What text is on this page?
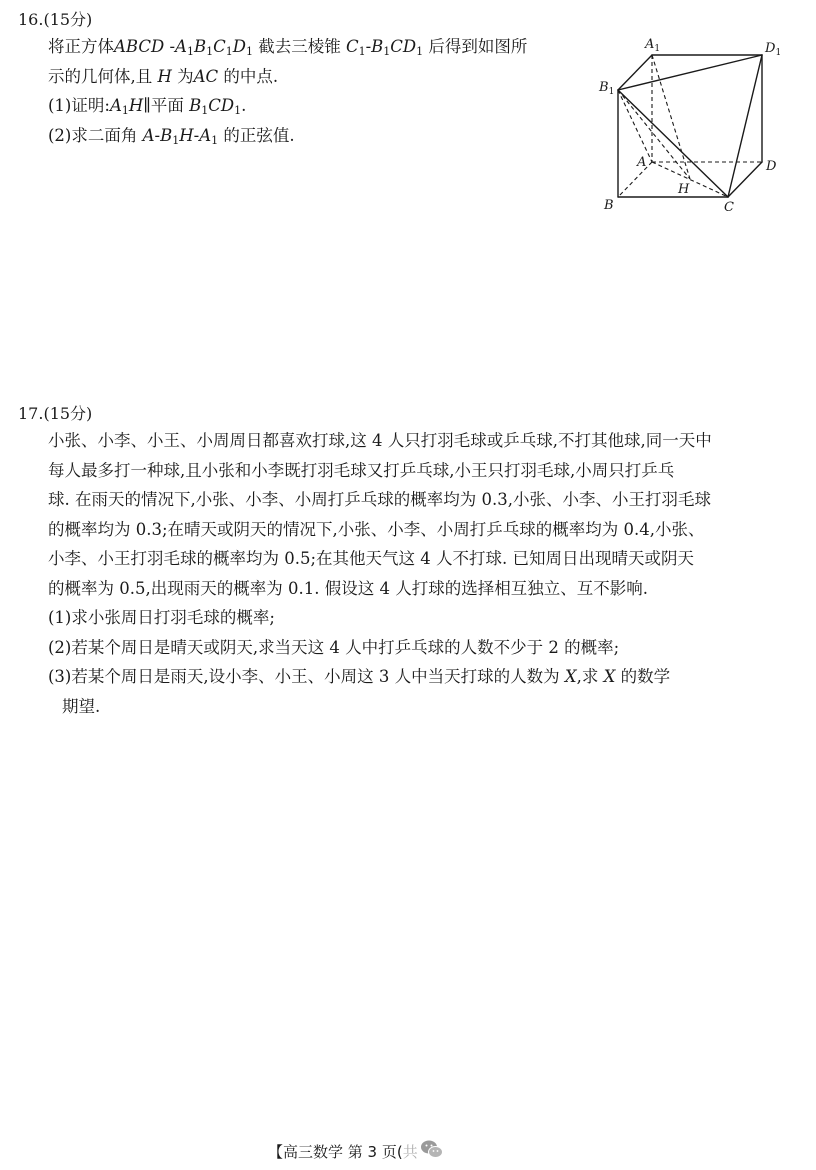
16.(15分)
将正方体ABCD $-A_1B_1C_1D_1$ 截去三棱锥 $C_1-B_1CD_1$ 后得到如图所
示的几何体,且 H 为AC 的中点.
(1)证明$:A_1H\parallel$平面 $B_1CD_1$.
(2)求二面角 $A-B_1H-A_1$ 的正弦值.
$A_1$	$D_1$
$B_1$
A	D
H
B	C
17.(15分)
小张、小李、小王、小周周日都喜欢打球,这 4 人只打羽毛球或乒乓球,不打其他球,同一天中
每人最多打一种球,且小张和小李既打羽毛球又打乒乓球,小王只打羽毛球,小周只打乒乓
球. 在雨天的情况下,小张、小李、小周打乒乓球的概率均为 0.3,小张、小李、小王打羽毛球
的概率均为 0.3;在晴天或阴天的情况下,小张、小李、小周打乒乓球的概率均为 0.4,小张、
小李、小王打羽毛球的概率均为 0.5;在其他天气这 4 人不打球. 已知周日出现晴天或阴天
的概率为 0.5,出现雨天的概率为 0.1. 假设这 4 人打球的选择相互独立、互不影响.
(1)求小张周日打羽毛球的概率;
(2)若某个周日是晴天或阴天,求当天这 4 人中打乒乓球的人数不少于 2 的概率;
(3)若某个周日是雨天,设小李、小王、小周这 3 人中当天打球的人数为 X,求 X 的数学
期望.
【高三数学 第 3 页(共
